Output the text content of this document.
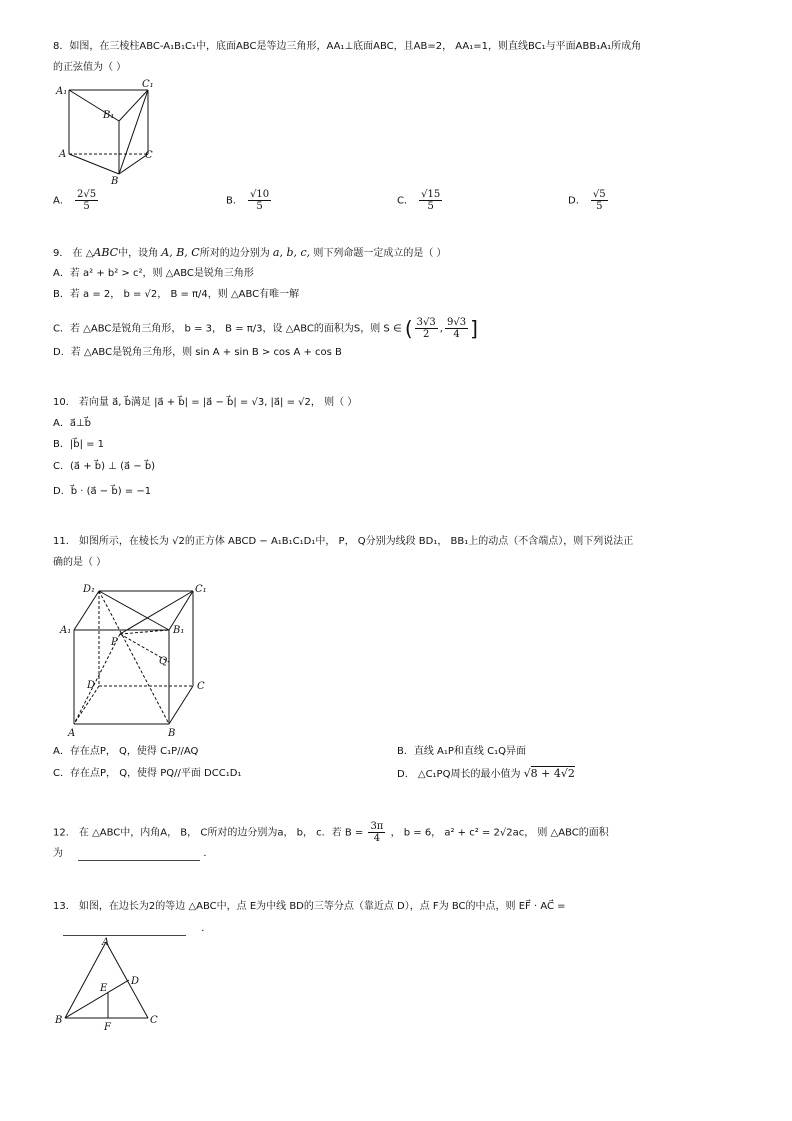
8．如图，在三棱柱ABC-A₁B₁C₁中，底面ABC是等边三角形，AA₁⊥底面ABC，且AB=2， AA₁=1，则直线BC₁与平面ABB₁A₁所成角
的正弦值为（ ）
A₁
C₁
B₁
A	C
B
A． $\frac{2√5}{5}$	B． $\frac{√10}{5}$	C． $\frac{√15}{5}$	D． $\frac{√5}{5}$
9． 在 △ABC中，设角 A, B, C所对的边分别为 a, b, c, 则下列命题一定成立的是（ ）
A．若 a² + b² > c²，则 △ABC是锐角三角形
B．若 a = 2， b = √2， B = π/4，则 △ABC有唯一解
C．若 △ABC是锐角三角形， b = 3， B = π/3，设 △ABC的面积为S，则 S ∈ ( $\frac{3√3}{2}$ , $\frac{9√3}{4}$ ]
D．若 △ABC是锐角三角形，则 sin A + sin B > cos A + cos B
10． 若向量 a⃗, b⃗满足 |a⃗ + b⃗| = |a⃗ − b⃗| = √3, |a⃗| = √2， 则（ ）
A．a⃗⊥b⃗
B．|b⃗| = 1
C．(a⃗ + b⃗) ⊥ (a⃗ − b⃗)
D．b⃗ · (a⃗ − b⃗) = −1
11． 如图所示，在棱长为 √2的正方体 ABCD − A₁B₁C₁D₁中， P， Q分别为线段 BD₁， BB₁上的动点（不含端点），则下列说法正
确的是（ ）
D₁	C₁
A₁	B₁
P
Q
D	C
A	B
A．存在点P， Q，使得 C₁P//AQ	B．直线 A₁P和直线 C₁Q异面
C．存在点P， Q，使得 PQ//平面 DCC₁D₁	D． △C₁PQ周长的最小值为 √8 + 4√2
12． 在 △ABC中，内角A， B， C所对的边分别为a， b， c．若 $B = \frac{3\pi}{4}$ ， b = 6， a² + c² = 2√2ac， 则 △ABC的面积
为	．
13． 如图，在边长为2的等边 △ABC中，点 E为中线 BD的三等分点（靠近点 D），点 F为 BC的中点，则 EF⃗ · AC⃗ =
．
A
D
E
B	C
F
